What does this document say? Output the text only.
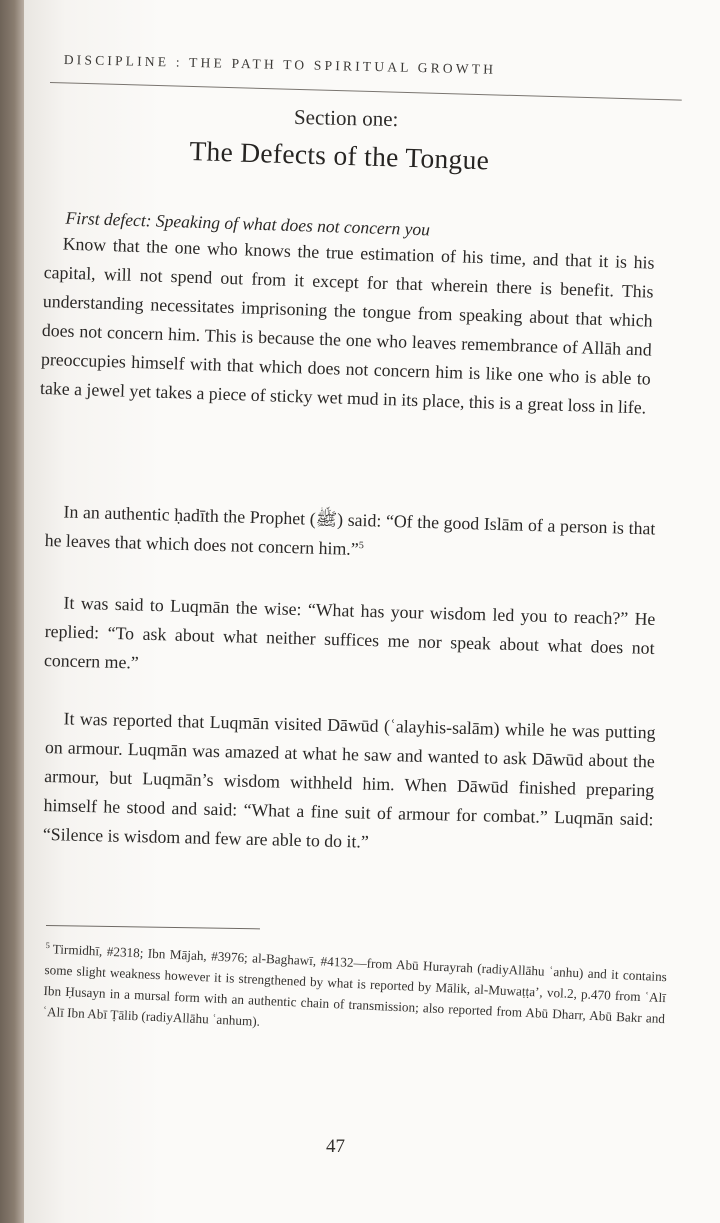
DISCIPLINE : THE PATH TO SPIRITUAL GROWTH
Section one:
The Defects of the Tongue
First defect: Speaking of what does not concern you

Know that the one who knows the true estimation of his time, and that it is his capital, will not spend out from it except for that wherein there is benefit. This understanding necessitates imprisoning the tongue from speaking about that which does not concern him. This is because the one who leaves remembrance of Allāh and preoccupies himself with that which does not concern him is like one who is able to take a jewel yet takes a piece of sticky wet mud in its place, this is a great loss in life.

In an authentic ḥadīth the Prophet (ﷺ) said: “Of the good Islām of a person is that he leaves that which does not concern him.”$^5$

It was said to Luqmān the wise: “What has your wisdom led you to reach?” He replied: “To ask about what neither suffices me nor speak about what does not concern me.”

It was reported that Luqmān visited Dāwūd (ʿalayhis-salām) while he was putting on armour. Luqmān was amazed at what he saw and wanted to ask Dāwūd about the armour, but Luqmān’s wisdom withheld him. When Dāwūd finished preparing himself he stood and said: “What a fine suit of armour for combat.” Luqmān said: “Silence is wisdom and few are able to do it.”

$^5$ Tirmidhī, #2318; Ibn Mājah, #3976; al-Baghawī, #4132—from Abū Hurayrah (radiyAllāhu ʿanhu) and it contains some slight weakness however it is strengthened by what is reported by Mālik, al-Muwaṭṭa’, vol.2, p.470 from ʿAlī Ibn Ḥusayn in a mursal form with an authentic chain of transmission; also reported from Abū Dharr, Abū Bakr and ʿAlī Ibn Abī Ṭālib (radiyAllāhu ʿanhum).
47
